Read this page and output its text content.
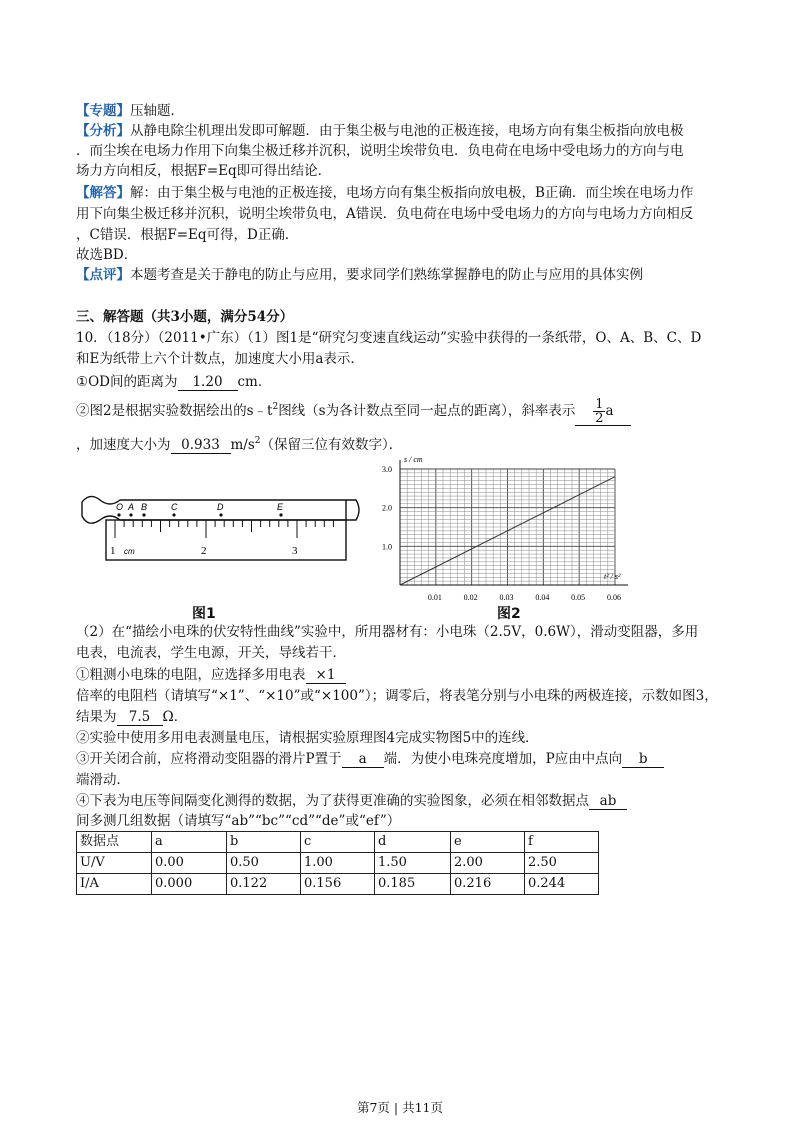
【专题】压轴题．
【分析】从静电除尘机理出发即可解题．由于集尘极与电池的正极连接，电场方向有集尘板指向放电极
．而尘埃在电场力作用下向集尘极迁移并沉积，说明尘埃带负电．负电荷在电场中受电场力的方向与电
场力方向相反，根据F=Eq即可得出结论．
【解答】解：由于集尘极与电池的正极连接，电场方向有集尘板指向放电极，B正确．而尘埃在电场力作
用下向集尘极迁移并沉积，说明尘埃带负电，A错误．负电荷在电场中受电场力的方向与电场力方向相反
，C错误．根据F=Eq可得，D正确．
故选BD．
【点评】本题考查是关于静电的防止与应用，要求同学们熟练掌握静电的防止与应用的具体实例
三、解答题（共3小题，满分54分）
10．（18分）（2011•广东）（1）图1是“研究匀变速直线运动”实验中获得的一条纸带，O、A、B、C、D
和E为纸带上六个计数点，加速度大小用a表示．
①OD间的距离为 1.20 cm．
②图2是根据实验数据绘出的$s﹣t^2$图线（s为各计数点至同一起点的距离），斜率表示 $\frac{1}{2}$ a
，加速度大小为 0.933 $m/s^2$（保留三位有效数字）．
O A B	C	D	E
1 cm	2	3
图1
3.0
2.0
1.0
0.01	0.02	0.03	0.04	0.05	0.06
s / cm
t² / s²
图2
（2）在“描绘小电珠的伏安特性曲线”实验中，所用器材有：小电珠（2.5V，0.6W），滑动变阻器，多用
电表，电流表，学生电源，开关，导线若干．
①粗测小电珠的电阻，应选择多用电表 ×1
倍率的电阻档（请填写“×1”、“×10”或“×100”）；调零后，将表笔分别与小电珠的两极连接，示数如图3，
结果为 7.5 Ω．
②实验中使用多用电表测量电压，请根据实验原理图4完成实物图5中的连线．
③开关闭合前，应将滑动变阻器的滑片P置于 a 端．为使小电珠亮度增加，P应由中点向 b
端滑动．
④下表为电压等间隔变化测得的数据，为了获得更准确的实验图象，必须在相邻数据点 ab
间多测几组数据（请填写“ab”“bc”“cd”“de”或“ef”）
数据点	a	b	c	d	e	f
U/V	0.00	0.50	1.00	1.50	2.00	2.50
I/A	0.000	0.122	0.156	0.185	0.216	0.244
第7页 | 共11页
